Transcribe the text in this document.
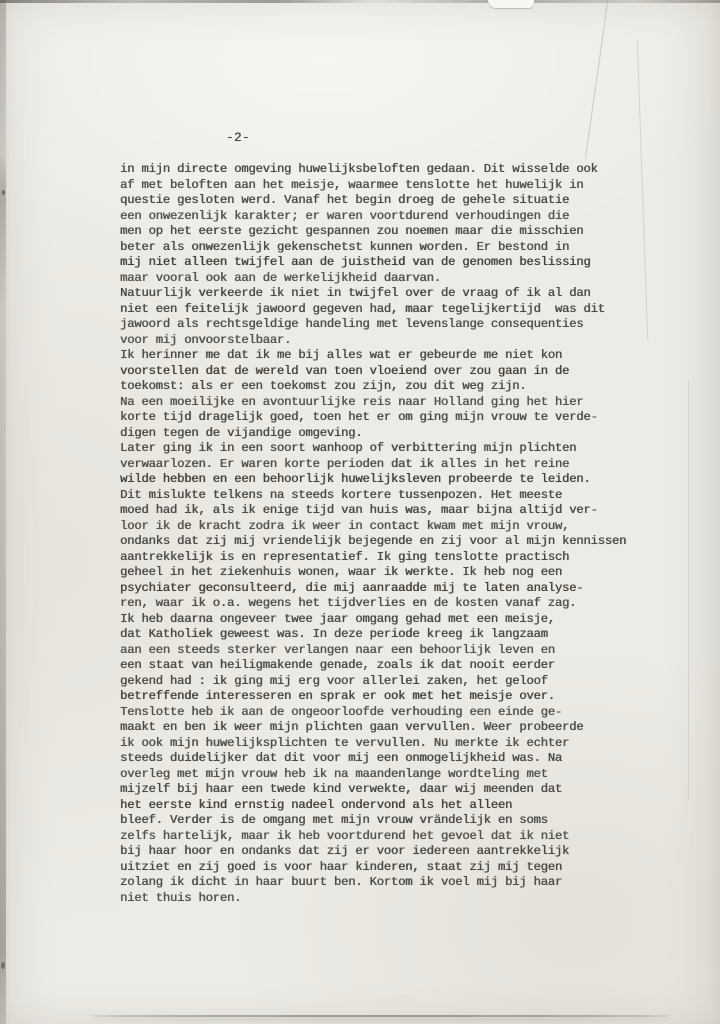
-2-
in mijn directe omgeving huwelijksbeloften gedaan. Dit wisselde ook
af met beloften aan het meisje, waarmee tenslotte het huwelijk in
questie gesloten werd. Vanaf het begin droeg de gehele situatie
een onwezenlijk karakter; er waren voortdurend verhoudingen die
men op het eerste gezicht gespannen zou noemen maar die misschien
beter als onwezenlijk gekenschetst kunnen worden. Er bestond in
mij niet alleen twijfel aan de juistheid van de genomen beslissing
maar vooral ook aan de werkelijkheid daarvan.
Natuurlijk verkeerde ik niet in twijfel over de vraag of ik al dan
niet een feitelijk jawoord gegeven had, maar tegelijkertijd  was dit
jawoord als rechtsgeldige handeling met levenslange consequenties
voor mij onvoorstelbaar.
Ik herinner me dat ik me bij alles wat er gebeurde me niet kon
voorstellen dat de wereld van toen vloeiend over zou gaan in de
toekomst: als er een toekomst zou zijn, zou dit weg zijn.
Na een moeilijke en avontuurlijke reis naar Holland ging het hier
korte tijd dragelijk goed, toen het er om ging mijn vrouw te verde-
digen tegen de vijandige omgeving.
Later ging ik in een soort wanhoop of verbittering mijn plichten
verwaarlozen. Er waren korte perioden dat ik alles in het reine
wilde hebben en een behoorlijk huwelijksleven probeerde te leiden.
Dit mislukte telkens na steeds kortere tussenpozen. Het meeste
moed had ik, als ik enige tijd van huis was, maar bijna altijd ver-
loor ik de kracht zodra ik weer in contact kwam met mijn vrouw,
ondanks dat zij mij vriendelijk bejegende en zij voor al mijn kennissen
aantrekkelijk is en representatief. Ik ging tenslotte practisch
geheel in het ziekenhuis wonen, waar ik werkte. Ik heb nog een
psychiater geconsulteerd, die mij aanraadde mij te laten analyse-
ren, waar ik o.a. wegens het tijdverlies en de kosten vanaf zag.
Ik heb daarna ongeveer twee jaar omgang gehad met een meisje,
dat Katholiek geweest was. In deze periode kreeg ik langzaam
aan een steeds sterker verlangen naar een behoorlijk leven en
een staat van heiligmakende genade, zoals ik dat nooit eerder
gekend had : ik ging mij erg voor allerlei zaken, het geloof
betreffende interesseren en sprak er ook met het meisje over.
Tenslotte heb ik aan de ongeoorloofde verhouding een einde ge-
maakt en ben ik weer mijn plichten gaan vervullen. Weer probeerde
ik ook mijn huwelijksplichten te vervullen. Nu merkte ik echter
steeds duidelijker dat dit voor mij een onmogelijkheid was. Na
overleg met mijn vrouw heb ik na maandenlange wordteling met
mijzelf bij haar een twede kind verwekte, daar wij meenden dat
het eerste kind ernstig nadeel ondervond als het alleen
bleef. Verder is de omgang met mijn vrouw vrändelijk en soms
zelfs hartelijk, maar ik heb voortdurend het gevoel dat ik niet
bij haar hoor en ondanks dat zij er voor iedereen aantrekkelijk
uitziet en zij goed is voor haar kinderen, staat zij mij tegen
zolang ik dicht in haar buurt ben. Kortom ik voel mij bij haar
niet thuis horen.
